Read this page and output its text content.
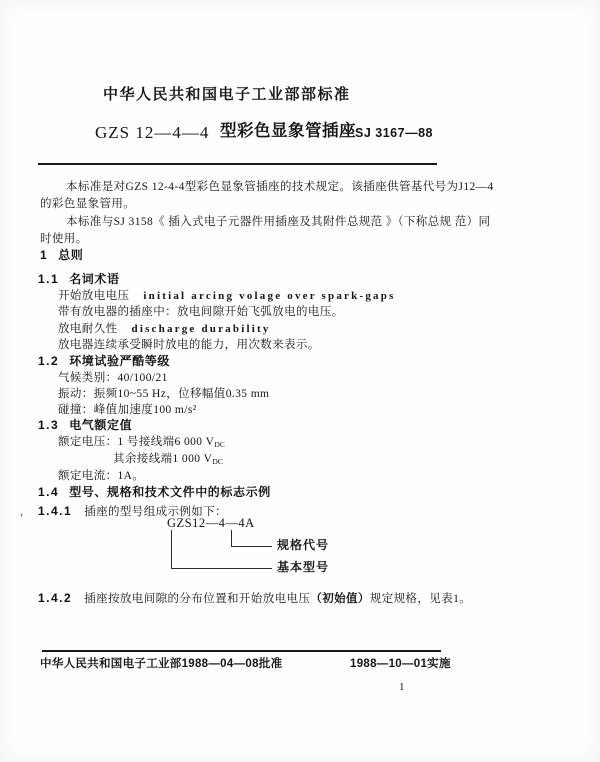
中华人民共和国电子工业部部标准
GZS 12—4—4 型彩色显象管插座 SJ 3167—88
本标准是对GZS 12-4-4型彩色显象管插座的技术规定。该插座供管基代号为J12—4
的彩色显象管用。
本标准与SJ 3158《 插入式电子元器件用插座及其附件总规范 》（下称总规 范）同
时使用。
1 总则
1.1 名词术语
开始放电电压 initial arcing volage over spark-gaps
带有放电器的插座中：放电间隙开始飞弧放电的电压。
放电耐久性 discharge durability
放电器连续承受瞬时放电的能力，用次数来表示。
1.2 环境试验严酷等级
气候类别：40/100/21
振动：振频10~55 Hz，位移幅值0.35 mm
碰撞：峰值加速度100 m/s²
1.3 电气额定值
额定电压：1 号接线端6 000 $V_{DC}$
其余接线端1 000 $V_{DC}$
额定电流：1A。
1.4 型号、规格和技术文件中的标志示例
1.4.1 插座的型号组成示例如下：
GZS12—4—4A
规格代号
基本型号
1.4.2 插座按放电间隙的分布位置和开始放电电压（初始值）规定规格，见表1。
中华人民共和国电子工业部1988—04—08批准	1988—10—01实施
1
,
